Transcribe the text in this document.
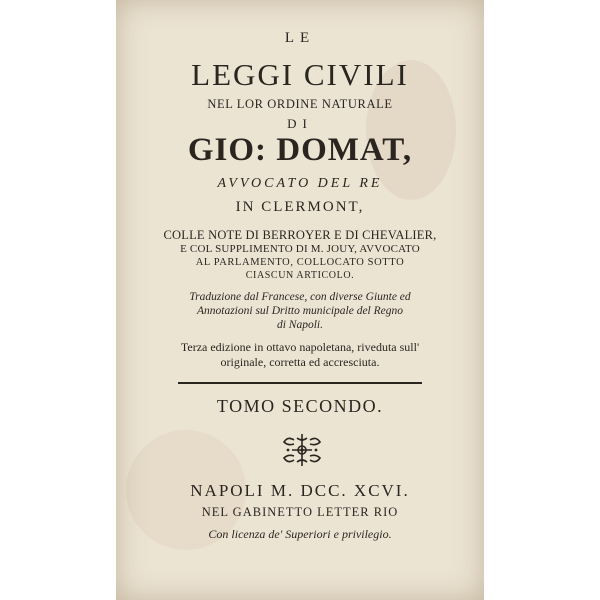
LE
LEGGI CIVILI
NEL LOR ORDINE NATURALE
DI
GIO: DOMAT,
AVVOCATO DEL RE
IN CLERMONT,
COLLE NOTE DI BERROYER E DI CHEVALIER,
E COL SUPPLIMENTO DI M. JOUY, AVVOCATO
AL PARLAMENTO, COLLOCATO SOTTO
CIASCUN ARTICOLO.
Traduzione dal Francese, con diverse Giunte ed
Annotazioni sul Dritto municipale del Regno
di Napoli.
Terza edizione in ottavo napoletana, riveduta sull'
originale, corretta ed accresciuta.
TOMO SECONDO.
NAPOLI M. DCC. XCVI.
NEL GABINETTO LETTER RIO
Con licenza de' Superiori e privilegio.
